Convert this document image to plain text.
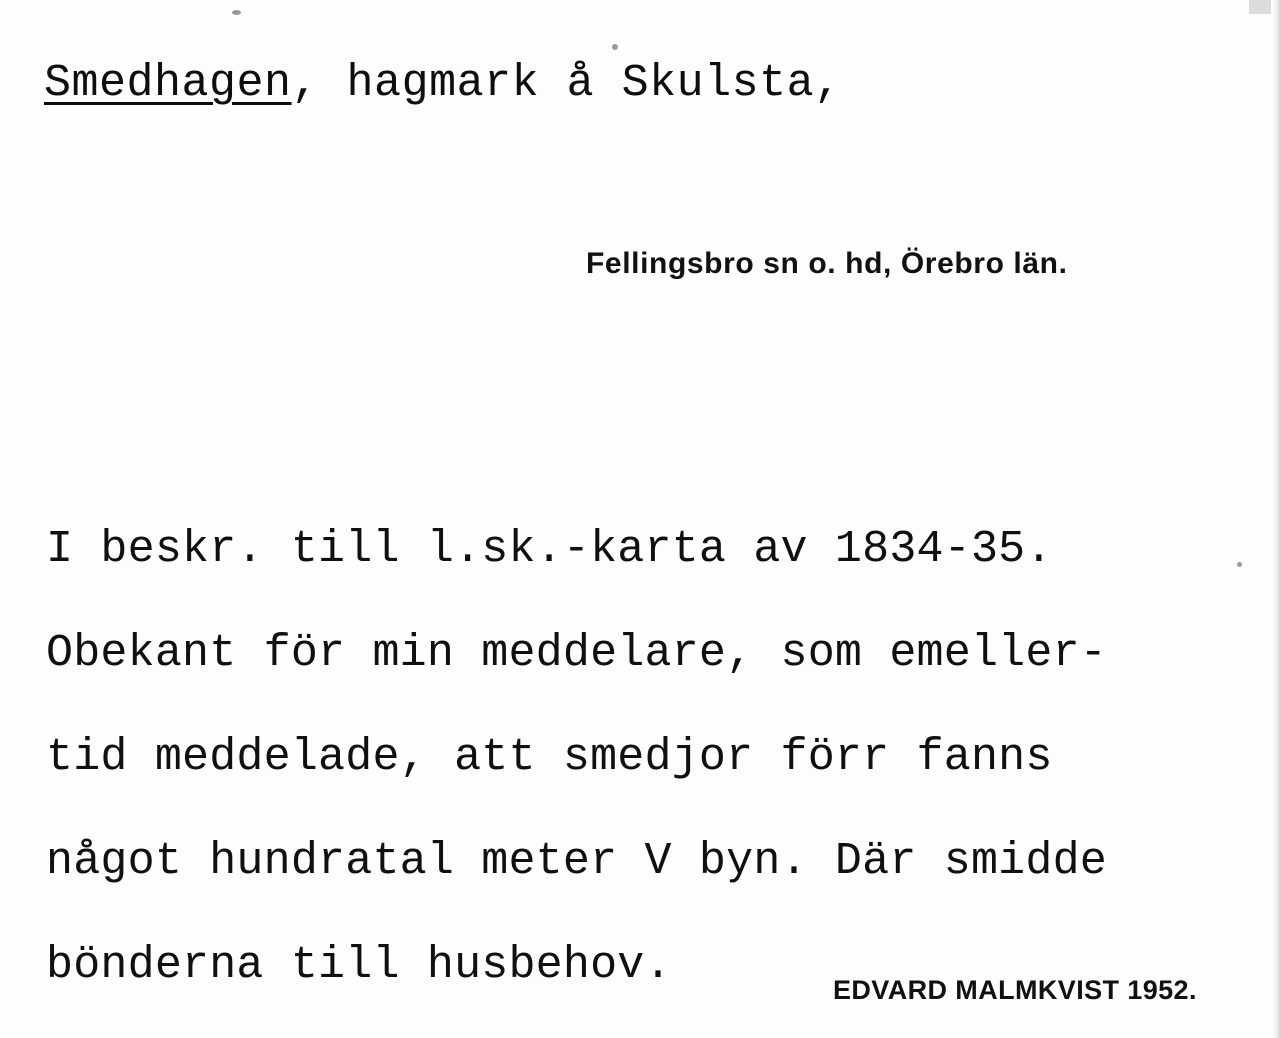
Smedhagen, hagmark å Skulsta,
Fellingsbro sn o. hd, Örebro län.
I beskr. till l.sk.-karta av 1834-35.
Obekant för min meddelare, som emeller-
tid meddelade, att smedjor förr fanns
något hundratal meter V byn. Där smidde
bönderna till husbehov.	EDVARD MALMKVIST 1952.
